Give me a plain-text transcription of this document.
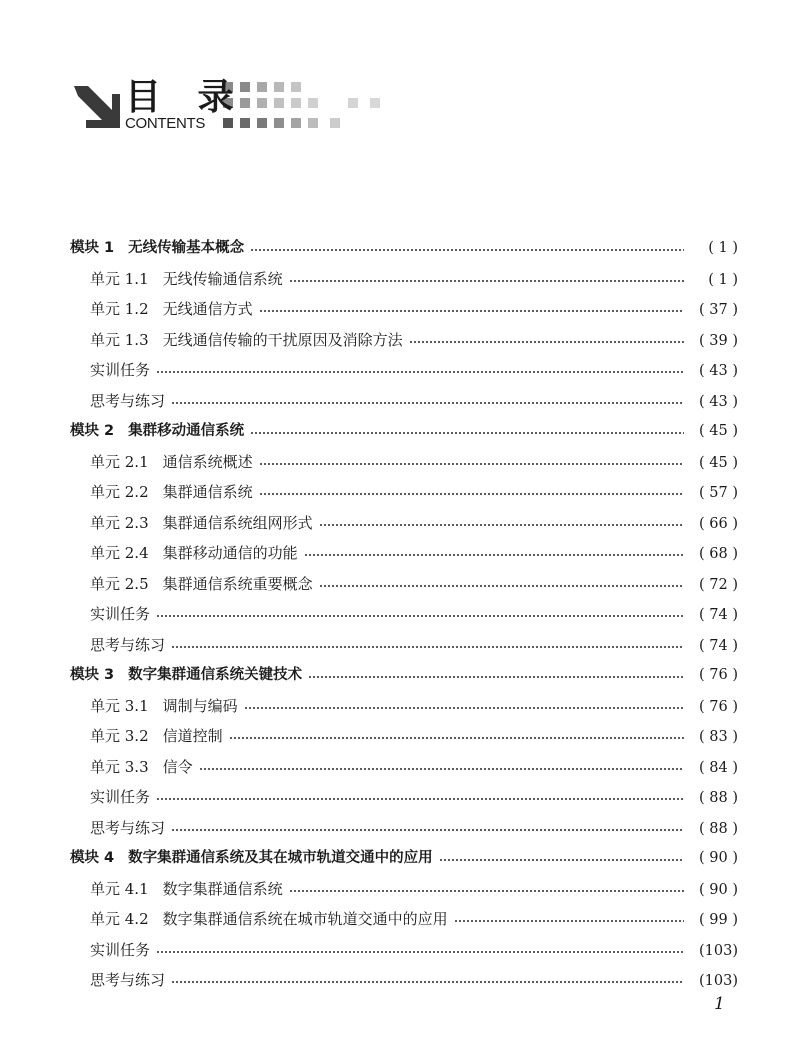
目 录
CONTENTS
模块 1 无线传输基本概念	( 1 )
单元 1.1 无线传输通信系统	( 1 )
单元 1.2 无线通信方式	( 37 )
单元 1.3 无线通信传输的干扰原因及消除方法	( 39 )
实训任务	( 43 )
思考与练习	( 43 )
模块 2 集群移动通信系统	( 45 )
单元 2.1 通信系统概述	( 45 )
单元 2.2 集群通信系统	( 57 )
单元 2.3 集群通信系统组网形式	( 66 )
单元 2.4 集群移动通信的功能	( 68 )
单元 2.5 集群通信系统重要概念	( 72 )
实训任务	( 74 )
思考与练习	( 74 )
模块 3 数字集群通信系统关键技术	( 76 )
单元 3.1 调制与编码	( 76 )
单元 3.2 信道控制	( 83 )
单元 3.3 信令	( 84 )
实训任务	( 88 )
思考与练习	( 88 )
模块 4 数字集群通信系统及其在城市轨道交通中的应用	( 90 )
单元 4.1 数字集群通信系统	( 90 )
单元 4.2 数字集群通信系统在城市轨道交通中的应用	( 99 )
实训任务	(103)
思考与练习	(103)
1
